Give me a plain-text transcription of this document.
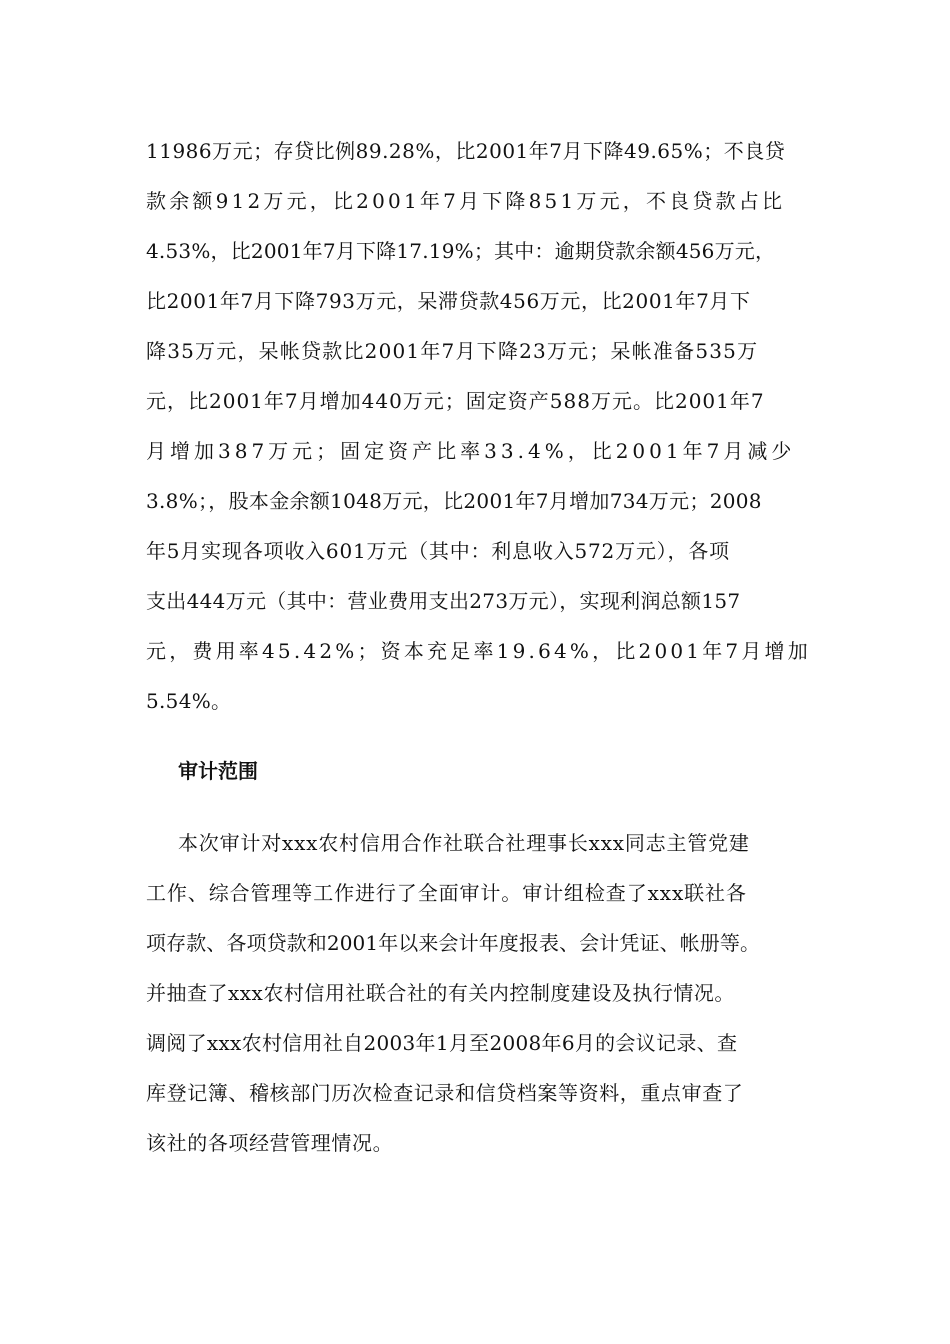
11986万元；存贷比例89.28%，比2001年7月下降49.65%；不良贷
款余额912万元，比2001年7月下降851万元，不良贷款占比
4.53%，比2001年7月下降17.19%；其中：逾期贷款余额456万元，
比2001年7月下降793万元，呆滞贷款456万元，比2001年7月下
降35万元，呆帐贷款比2001年7月下降23万元；呆帐准备535万
元，比2001年7月增加440万元；固定资产588万元。比2001年7
月增加387万元；固定资产比率33.4%，比2001年7月减少
3.8%；，股本金余额1048万元，比2001年7月增加734万元；2008
年5月实现各项收入601万元（其中：利息收入572万元），各项
支出444万元（其中：营业费用支出273万元），实现利润总额157
元，费用率45.42%；资本充足率19.64%，比2001年7月增加
5.54%。
审计范围
本次审计对xxx农村信用合作社联合社理事长xxx同志主管党建
工作、综合管理等工作进行了全面审计。审计组检查了xxx联社各
项存款、各项贷款和2001年以来会计年度报表、会计凭证、帐册等。
并抽查了xxx农村信用社联合社的有关内控制度建设及执行情况。
调阅了xxx农村信用社自2003年1月至2008年6月的会议记录、查
库登记簿、稽核部门历次检查记录和信贷档案等资料，重点审查了
该社的各项经营管理情况。
